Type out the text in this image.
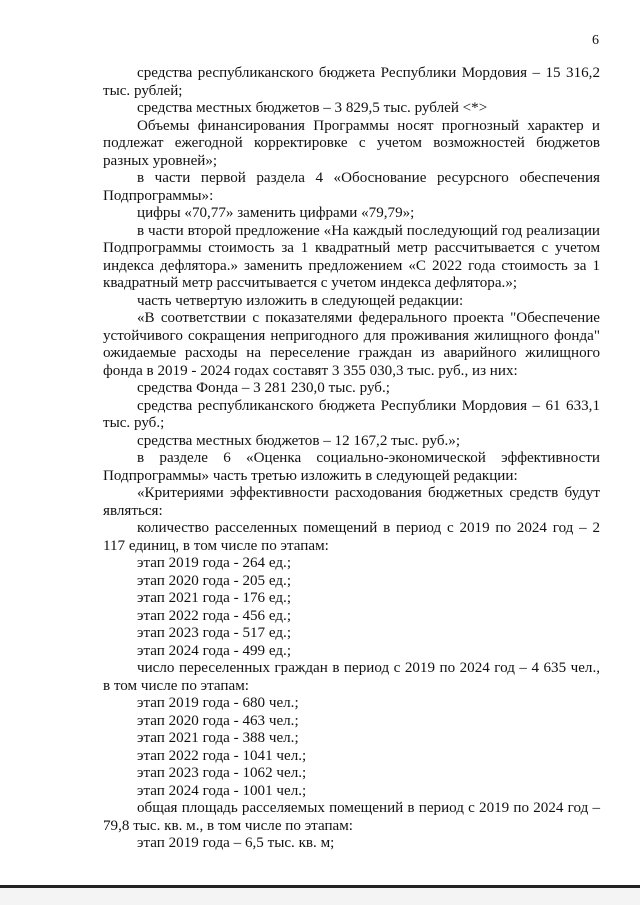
6

средства республиканского бюджета Республики Мордовия – 15 316,2 тыс. рублей;

средства местных бюджетов – 3 829,5 тыс. рублей <*>

Объемы финансирования Программы носят прогнозный характер и подлежат ежегодной корректировке с учетом возможностей бюджетов разных уровней»;

в части первой раздела 4 «Обоснование ресурсного обеспечения Подпрограммы»:

цифры «70,77» заменить цифрами «79,79»;

в части второй предложение «На каждый последующий год реализации Подпрограммы стоимость за 1 квадратный метр рассчитывается с учетом индекса дефлятора.» заменить предложением «С 2022 года стоимость за 1 квадратный метр рассчитывается с учетом индекса дефлятора.»;

часть четвертую изложить в следующей редакции:

«В соответствии с показателями федерального проекта "Обеспечение устойчивого сокращения непригодного для проживания жилищного фонда" ожидаемые расходы на переселение граждан из аварийного жилищного фонда в 2019 - 2024 годах составят 3 355 030,3 тыс. руб., из них:

средства Фонда – 3 281 230,0 тыс. руб.;

средства республиканского бюджета Республики Мордовия – 61 633,1 тыс. руб.;

средства местных бюджетов – 12 167,2 тыс. руб.»;

в разделе 6 «Оценка социально-экономической эффективности Подпрограммы» часть третью изложить в следующей редакции:

«Критериями эффективности расходования бюджетных средств будут являться:

количество расселенных помещений в период с 2019 по 2024 год – 2 117 единиц, в том числе по этапам:

этап 2019 года - 264 ед.;

этап 2020 года - 205 ед.;

этап 2021 года - 176 ед.;

этап 2022 года - 456 ед.;

этап 2023 года - 517 ед.;

этап 2024 года - 499 ед.;

число переселенных граждан в период с 2019 по 2024 год – 4 635 чел., в том числе по этапам:

этап 2019 года - 680 чел.;

этап 2020 года - 463 чел.;

этап 2021 года - 388 чел.;

этап 2022 года - 1041 чел.;

этап 2023 года - 1062 чел.;

этап 2024 года - 1001 чел.;

общая площадь расселяемых помещений в период с 2019 по 2024 год – 79,8 тыс. кв. м., в том числе по этапам:

этап 2019 года – 6,5 тыс. кв. м;
